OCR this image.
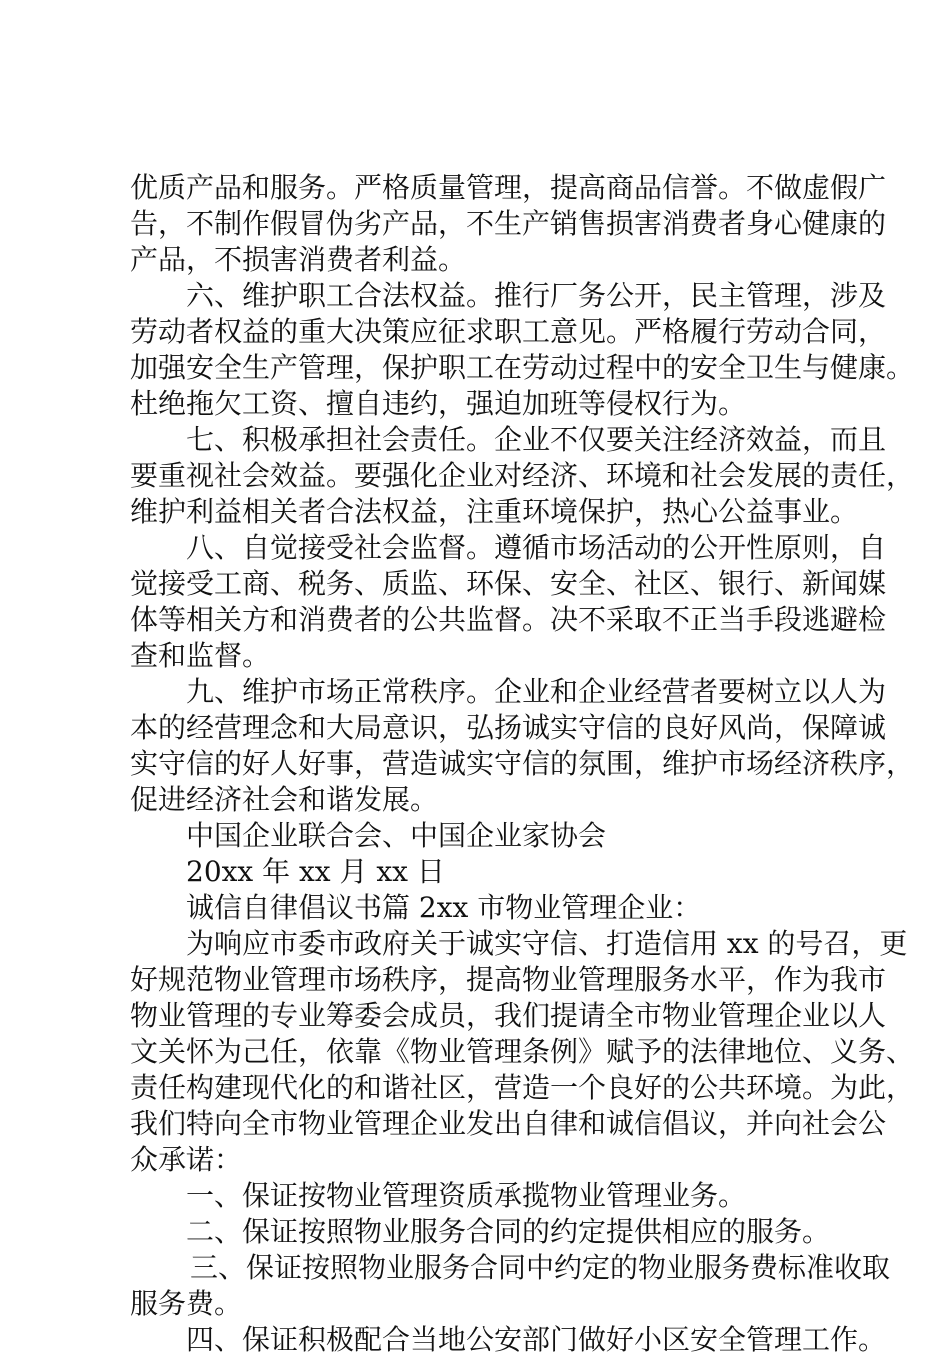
优质产品和服务。严格质量管理，提高商品信誉。不做虚假广
告，不制作假冒伪劣产品，不生产销售损害消费者身心健康的
产品，不损害消费者利益。
六、维护职工合法权益。推行厂务公开，民主管理，涉及
劳动者权益的重大决策应征求职工意见。严格履行劳动合同，
加强安全生产管理，保护职工在劳动过程中的安全卫生与健康。
杜绝拖欠工资、擅自违约，强迫加班等侵权行为。
七、积极承担社会责任。企业不仅要关注经济效益，而且
要重视社会效益。要强化企业对经济、环境和社会发展的责任，
维护利益相关者合法权益，注重环境保护，热心公益事业。
八、自觉接受社会监督。遵循市场活动的公开性原则，自
觉接受工商、税务、质监、环保、安全、社区、银行、新闻媒
体等相关方和消费者的公共监督。决不采取不正当手段逃避检
查和监督。
九、维护市场正常秩序。企业和企业经营者要树立以人为
本的经营理念和大局意识，弘扬诚实守信的良好风尚，保障诚
实守信的好人好事，营造诚实守信的氛围，维护市场经济秩序，
促进经济社会和谐发展。
中国企业联合会、中国企业家协会
20xx 年 xx 月 xx 日
诚信自律倡议书篇 2xx 市物业管理企业：
为响应市委市政府关于诚实守信、打造信用 xx 的号召，更
好规范物业管理市场秩序，提高物业管理服务水平，作为我市
物业管理的专业筹委会成员，我们提请全市物业管理企业以人
文关怀为己任，依靠《物业管理条例》赋予的法律地位、义务、
责任构建现代化的和谐社区，营造一个良好的公共环境。为此，
我们特向全市物业管理企业发出自律和诚信倡议，并向社会公
众承诺：
一、保证按物业管理资质承揽物业管理业务。
二、保证按照物业服务合同的约定提供相应的服务。
三、保证按照物业服务合同中约定的物业服务费标准收取
服务费。
四、保证积极配合当地公安部门做好小区安全管理工作。
